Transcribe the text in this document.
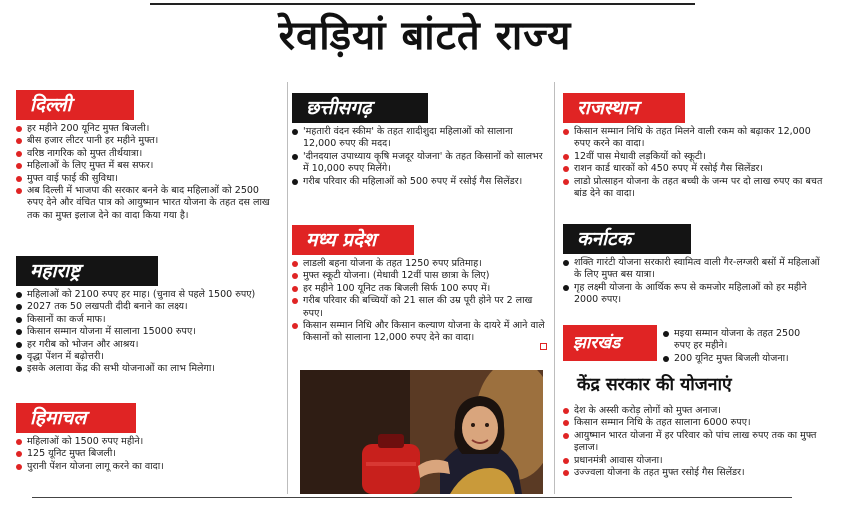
रेवड़ियां बांटते राज्य
दिल्ली
हर महीने 200 यूनिट मुफ्त बिजली।
बीस हजार लीटर पानी हर महीने मुफ्त।
वरिष्ठ नागरिक को मुफ्त तीर्थयात्रा।
महिलाओं के लिए मुफ्त में बस सफर।
मुफ्त वाई फाई की सुविधा।
अब दिल्ली में भाजपा की सरकार बनने के बाद महिलाओं को 2500 रुपए देने और वंचित पात्र को आयुष्मान भारत योजना के तहत दस लाख तक का मुफ्त इलाज देने का वादा किया गया है।
महाराष्ट्र
महिलाओं को 2100 रुपए हर माह। (चुनाव से पहले 1500 रुपए)
2027 तक 50 लखपती दीदी बनाने का लक्ष्य।
किसानों का कर्ज माफ।
किसान सम्मान योजना में सालाना 15000 रुपए।
हर गरीब को भोजन और आश्रय।
वृद्धा पेंशन में बढ़ोत्तरी।
इसके अलावा केंद्र की सभी योजनाओं का लाभ मिलेगा।
हिमाचल
महिलाओं को 1500 रुपए महीने।
125 यूनिट मुफ्त बिजली।
पुरानी पेंशन योजना लागू करने का वादा।
छत्तीसगढ़
'महतारी वंदन स्कीम' के तहत शादीशुदा महिलाओं को सालाना 12,000 रुपए की मदद।
'दीनदयाल उपाध्याय कृषि मजदूर योजना' के तहत किसानों को सालभर में 10,000 रुपए मिलेंगे।
गरीब परिवार की महिलाओं को 500 रुपए में रसोई गैस सिलेंडर।
मध्य प्रदेश
लाडली बहना योजना के तहत 1250 रुपए प्रतिमाह।
मुफ्त स्कूटी योजना। (मेधावी 12वीं पास छात्रा के लिए)
हर महीने 100 यूनिट तक बिजली सिर्फ 100 रुपए में।
गरीब परिवार की बच्चियों को 21 साल की उम्र पूरी होने पर 2 लाख रुपए।
किसान सम्मान निधि और किसान कल्याण योजना के दायरे में आने वाले किसानों को सालाना 12,000 रुपए देने का वादा।
राजस्थान
किसान सम्मान निधि के तहत मिलने वाली रकम को बढ़ाकर 12,000 रुपए करने का वादा।
12वीं पास मेधावी लड़कियों को स्कूटी।
राशन कार्ड धारकों को 450 रुपए में रसोई गैस सिलेंडर।
लाडो प्रोत्साहन योजना के तहत बच्ची के जन्म पर दो लाख रुपए का बचत बांड देने का वादा।
कर्नाटक
शक्ति गारंटी योजना सरकारी स्वामित्व वाली गैर-लग्जरी बसों में महिलाओं के लिए मुफ्त बस यात्रा।
गृह लक्ष्मी योजना के आर्थिक रूप से कमजोर महिलाओं को हर महीने 2000 रुपए।
झारखंड	मइया सम्मान योजना के तहत 2500 रुपए हर महीने।
200 यूनिट मुफ्त बिजली योजना।
केंद्र सरकार की योजनाएं
देश के अस्सी करोड़ लोगों को मुफ्त अनाज।
किसान सम्मान निधि के तहत सालाना 6000 रुपए।
आयुष्मान भारत योजना में हर परिवार को पांच लाख रुपए तक का मुफ्त इलाज।
प्रधानमंत्री आवास योजना।
उज्ज्वला योजना के तहत मुफ्त रसोई गैस सिलेंडर।
